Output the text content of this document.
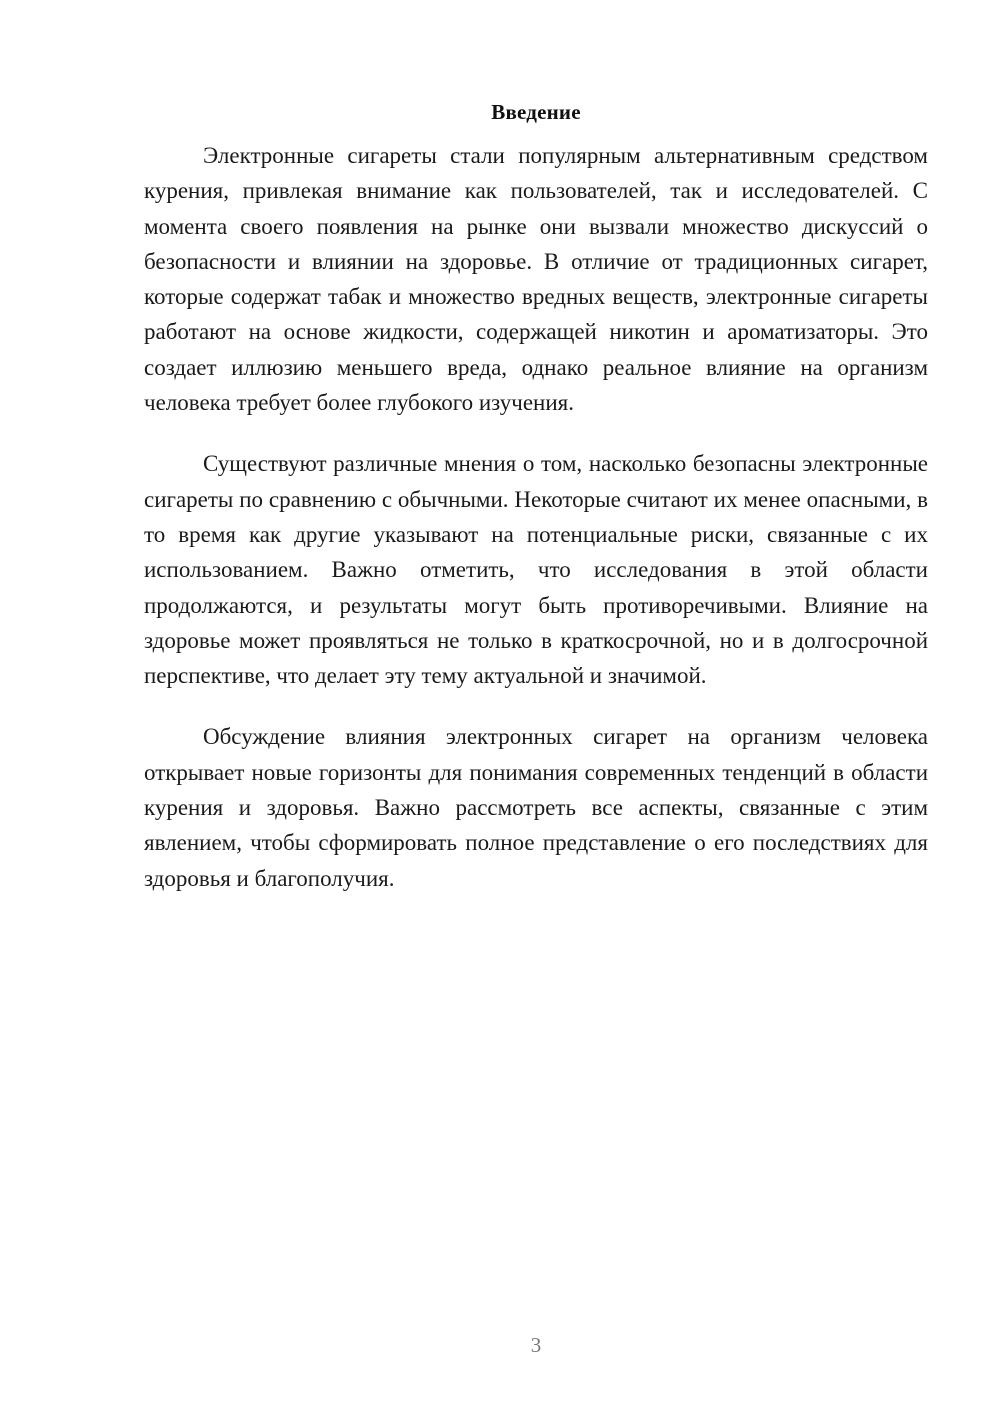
Введение

Электронные сигареты стали популярным альтернативным средством курения, привлекая внимание как пользователей, так и исследователей. С момента своего появления на рынке они вызвали множество дискуссий о безопасности и влиянии на здоровье. В отличие от традиционных сигарет, которые содержат табак и множество вредных веществ, электронные сигареты работают на основе жидкости, содержащей никотин и ароматизаторы. Это создает иллюзию меньшего вреда, однако реальное влияние на организм человека требует более глубокого изучения.

Существуют различные мнения о том, насколько безопасны электронные сигареты по сравнению с обычными. Некоторые считают их менее опасными, в то время как другие указывают на потенциальные риски, связанные с их использованием. Важно отметить, что исследования в этой области продолжаются, и результаты могут быть противоречивыми. Влияние на здоровье может проявляться не только в краткосрочной, но и в долгосрочной перспективе, что делает эту тему актуальной и значимой.

Обсуждение влияния электронных сигарет на организм человека открывает новые горизонты для понимания современных тенденций в области курения и здоровья. Важно рассмотреть все аспекты, связанные с этим явлением, чтобы сформировать полное представление о его последствиях для здоровья и благополучия.

3
